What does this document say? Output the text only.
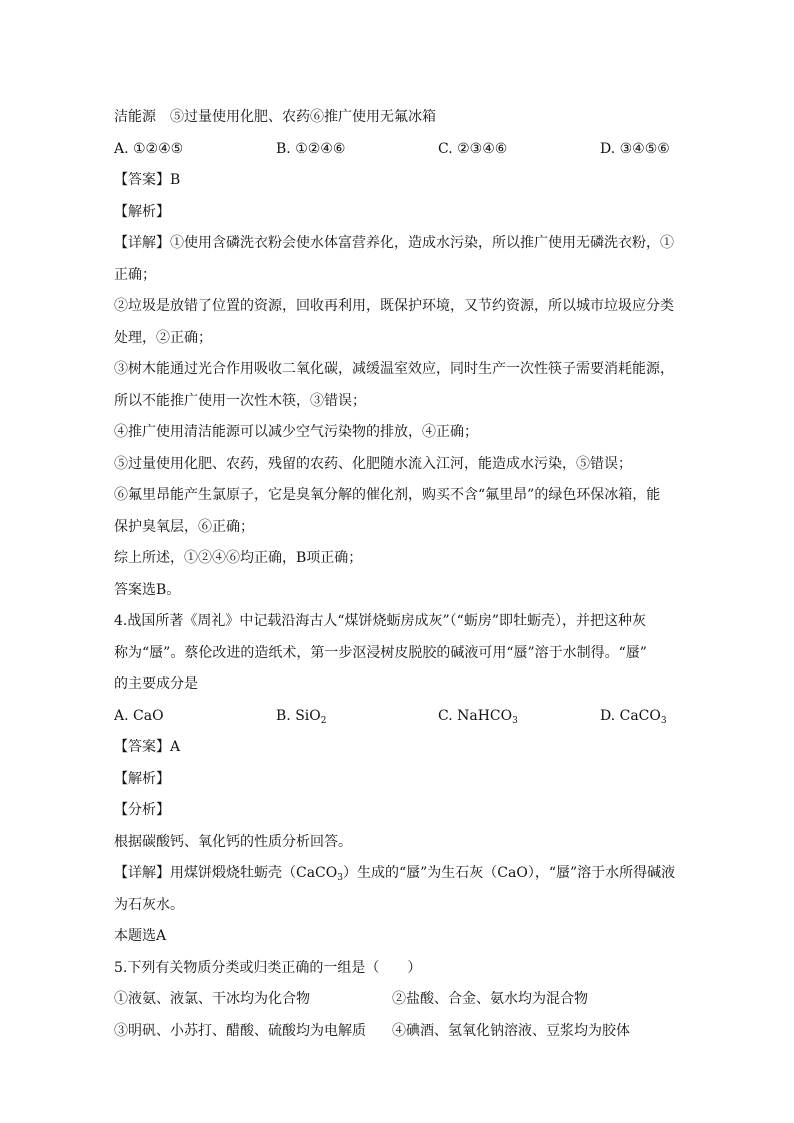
洁能源　⑤过量使用化肥、农药⑥推广使用无氟冰箱
A. ①②④⑤	B. ①②④⑥	C. ②③④⑥	D. ③④⑤⑥
【答案】B
【解析】
【详解】①使用含磷洗衣粉会使水体富营养化，造成水污染，所以推广使用无磷洗衣粉，①
正确；
②垃圾是放错了位置的资源，回收再利用，既保护环境，又节约资源，所以城市垃圾应分类
处理，②正确；
③树木能通过光合作用吸收二氧化碳，减缓温室效应，同时生产一次性筷子需要消耗能源，
所以不能推广使用一次性木筷，③错误；
④推广使用清洁能源可以减少空气污染物的排放，④正确；
⑤过量使用化肥、农药，残留的农药、化肥随水流入江河，能造成水污染，⑤错误；
⑥氟里昂能产生氯原子，它是臭氧分解的催化剂，购买不含“氟里昂”的绿色环保冰箱，能
保护臭氧层，⑥正确；
综上所述，①②④⑥均正确，B项正确；
答案选B。
4.战国所著《周礼》中记载沿海古人“煤饼烧蛎房成灰”（“蛎房”即牡蛎壳），并把这种灰
称为“蜃”。蔡伦改进的造纸术，第一步沤浸树皮脱胶的碱液可用“蜃”溶于水制得。“蜃”
的主要成分是
A. CaO	B. SiO$_2$	C. NaHCO$_3$	D. CaCO$_3$
【答案】A
【解析】
【分析】
根据碳酸钙、氧化钙的性质分析回答。
【详解】用煤饼煅烧牡蛎壳（CaCO$_3$）生成的“蜃”为生石灰（CaO），“蜃”溶于水所得碱液
为石灰水。
本题选A
5.下列有关物质分类或归类正确的一组是（　　）
①液氨、液氯、干冰均为化合物	②盐酸、合金、氨水均为混合物
③明矾、小苏打、醋酸、硫酸均为电解质	④碘酒、氢氧化钠溶液、豆浆均为胶体
